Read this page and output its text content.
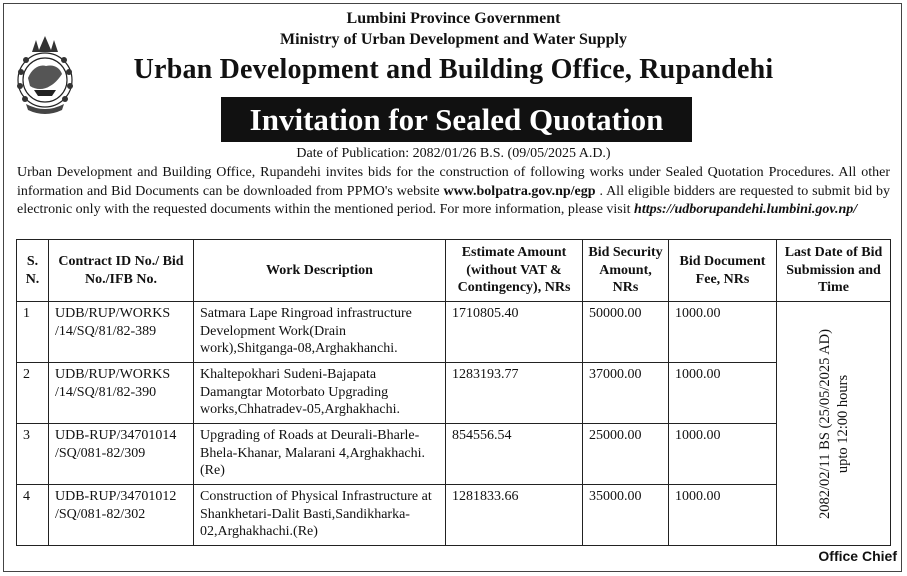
Lumbini Province Government
Ministry of Urban Development and Water Supply
Urban Development and Building Office, Rupandehi
Invitation for Sealed Quotation
Date of Publication: 2082/01/26 B.S. (09/05/2025 A.D.)
Urban Development and Building Office, Rupandehi invites bids for the construction of following works under Sealed Quotation Procedures. All other information and Bid Documents can be downloaded from PPMO's website www.bolpatra.gov.np/egp . All eligible bidders are requested to submit bid by electronic only with the requested documents within the mentioned period. For more information, please visit https://udborupandehi.lumbini.gov.np/
S. N.	Contract ID No./ Bid No./IFB No.	Work Description	Estimate Amount (without VAT & Contingency), NRs	Bid Security Amount, NRs	Bid Document Fee, NRs	Last Date of Bid Submission and Time
1	UDB/RUP/WORKS /14/SQ/81/82-389	Satmara Lape Ringroad infrastructure Development Work(Drain work),Shitganga-08,Arghakhanchi.	1710805.40	50000.00	1000.00	2082/02/11 BS (25/05/2025 AD) upto 12:00 hours

2	UDB/RUP/WORKS /14/SQ/81/82-390	Khaltepokhari Sudeni-Bajapata Damangtar Motorbato Upgrading works,Chhatradev-05,Arghakhachi.	1283193.77	37000.00	1000.00	
3	UDB-RUP/34701014 /SQ/081-82/309	Upgrading of Roads at Deurali-Bharle-Bhela-Khanar, Malarani 4,Arghakhachi.(Re)	854556.54	25000.00	1000.00	
4	UDB-RUP/34701012 /SQ/081-82/302	Construction of Physical Infrastructure at Shankhetari-Dalit Basti,Sandikharka-02,Arghakhachi.(Re)	1281833.66	35000.00	1000.00	
Office Chief
